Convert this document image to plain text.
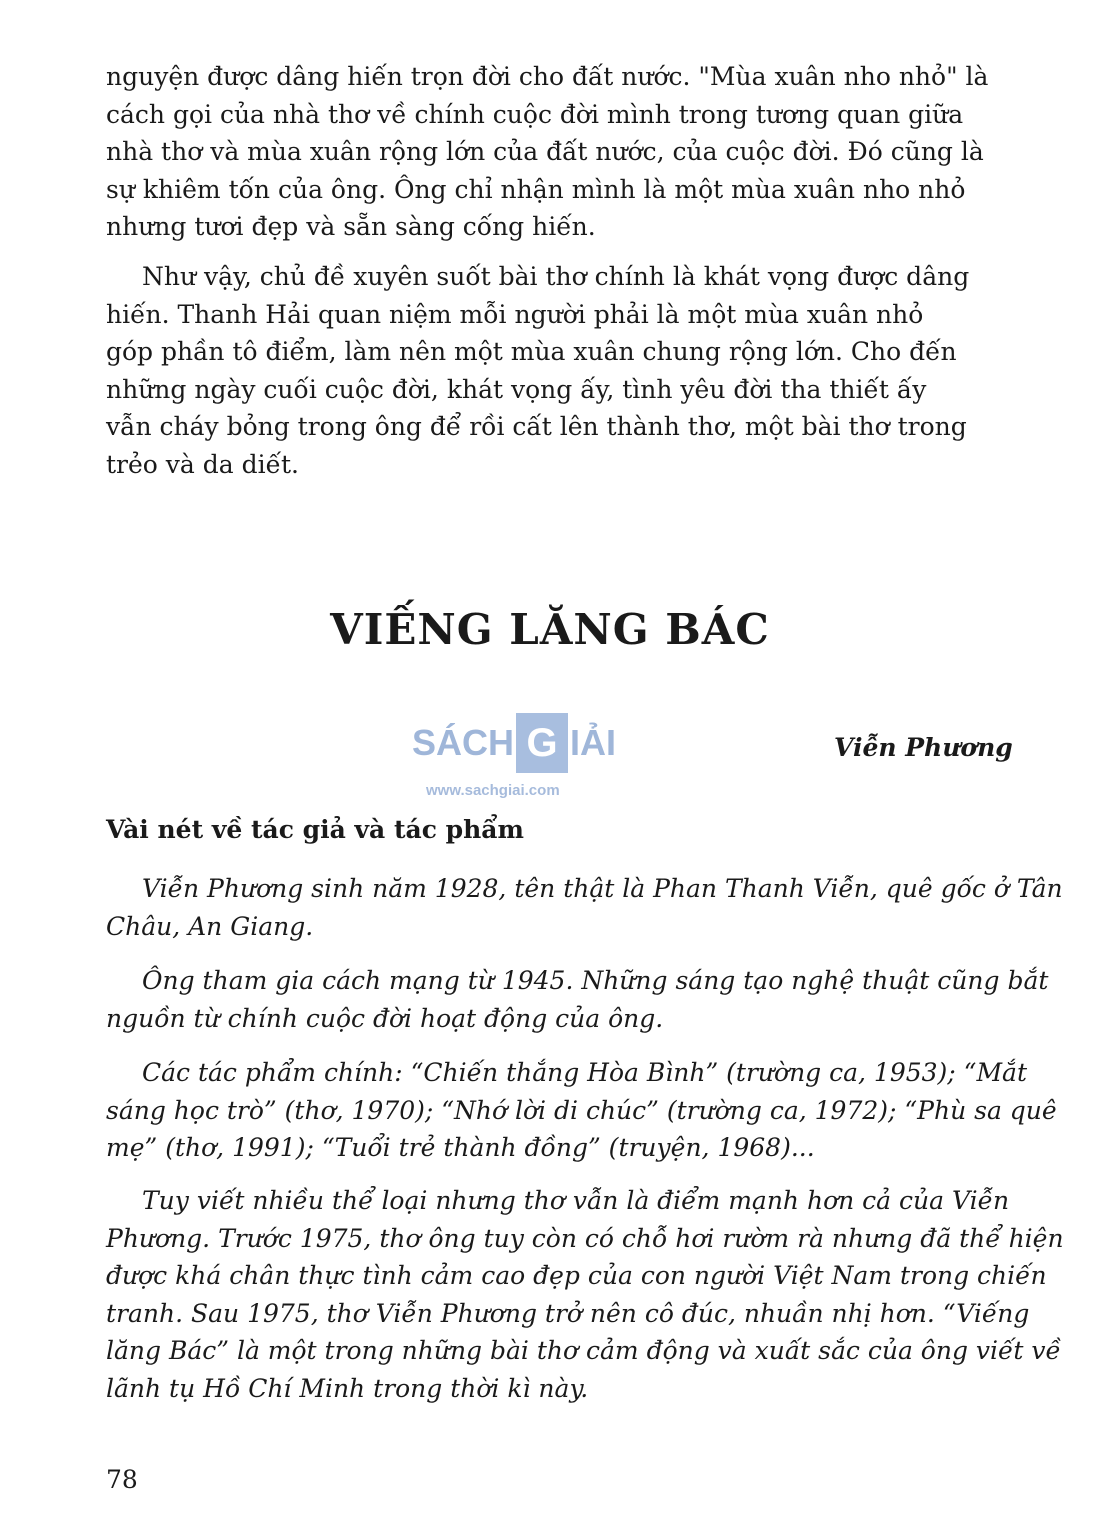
nguyện được dâng hiến trọn đời cho đất nước. "Mùa xuân nho nhỏ" là
cách gọi của nhà thơ về chính cuộc đời mình trong tương quan giữa
nhà thơ và mùa xuân rộng lớn của đất nước, của cuộc đời. Đó cũng là
sự khiêm tốn của ông. Ông chỉ nhận mình là một mùa xuân nho nhỏ
nhưng tươi đẹp và sẵn sàng cống hiến.

Như vậy, chủ đề xuyên suốt bài thơ chính là khát vọng được dâng
hiến. Thanh Hải quan niệm mỗi người phải là một mùa xuân nhỏ
góp phần tô điểm, làm nên một mùa xuân chung rộng lớn. Cho đến
những ngày cuối cuộc đời, khát vọng ấy, tình yêu đời tha thiết ấy
vẫn cháy bỏng trong ông để rồi cất lên thành thơ, một bài thơ trong
trẻo và da diết.

VIẾNG LĂNG BÁC
SÁCH G IẢI
www.sachgiai.com

Viễn Phương

Vài nét về tác giả và tác phẩm

Viễn Phương sinh năm 1928, tên thật là Phan Thanh Viễn, quê gốc ở Tân
Châu, An Giang.

Ông tham gia cách mạng từ 1945. Những sáng tạo nghệ thuật cũng bắt
nguồn từ chính cuộc đời hoạt động của ông.

Các tác phẩm chính: “Chiến thắng Hòa Bình” (trường ca, 1953); “Mắt
sáng học trò” (thơ, 1970); “Nhớ lời di chúc” (trường ca, 1972); “Phù sa quê
mẹ” (thơ, 1991); “Tuổi trẻ thành đồng” (truyện, 1968)...

Tuy viết nhiều thể loại nhưng thơ vẫn là điểm mạnh hơn cả của Viễn
Phương. Trước 1975, thơ ông tuy còn có chỗ hơi rườm rà nhưng đã thể hiện
được khá chân thực tình cảm cao đẹp của con người Việt Nam trong chiến
tranh. Sau 1975, thơ Viễn Phương trở nên cô đúc, nhuần nhị hơn. “Viếng
lăng Bác” là một trong những bài thơ cảm động và xuất sắc của ông viết về
lãnh tụ Hồ Chí Minh trong thời kì này.

78
